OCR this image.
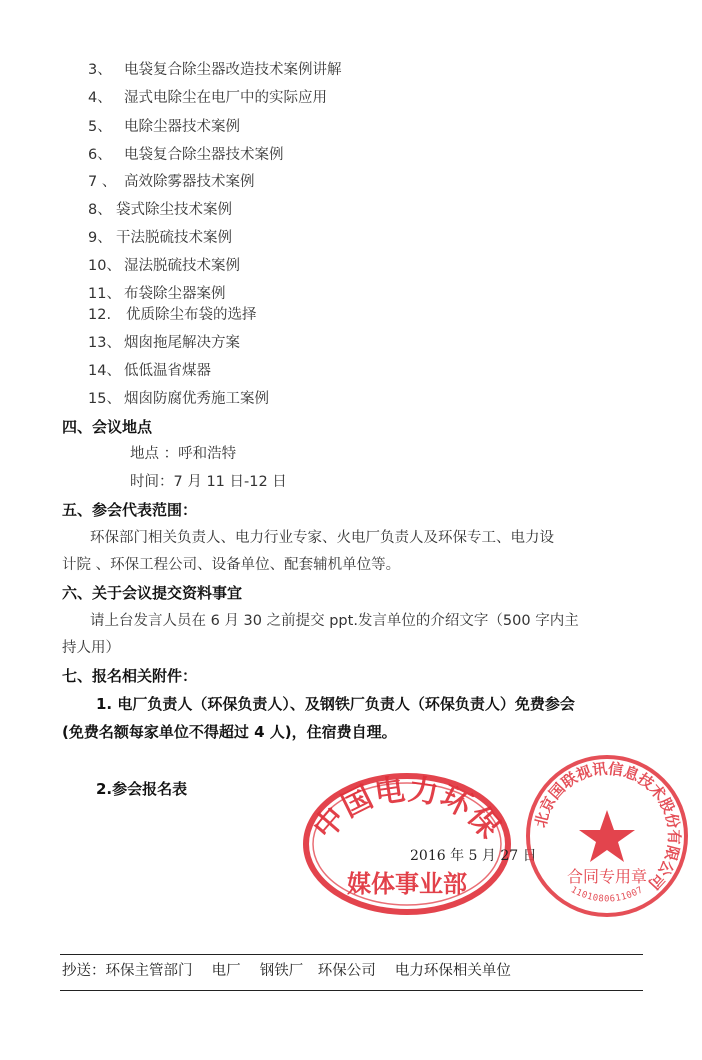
3、 电袋复合除尘器改造技术案例讲解
4、 湿式电除尘在电厂中的实际应用
5、 电除尘器技术案例
6、 电袋复合除尘器技术案例
7 、 高效除雾器技术案例
8、 袋式除尘技术案例
9、 干法脱硫技术案例
10、 湿法脱硫技术案例
11、 布袋除尘器案例
12. 优质除尘布袋的选择
13、 烟囱拖尾解决方案
14、 低低温省煤器
15、 烟囱防腐优秀施工案例
四、会议地点
地点 ：呼和浩特
时间：7 月 11 日-12 日
五、参会代表范围：
环保部门相关负责人、电力行业专家、火电厂负责人及环保专工、电力设
计院 、环保工程公司、设备单位、配套辅机单位等。
六、关于会议提交资料事宜
请上台发言人员在 6 月 30 之前提交 ppt.发言单位的介绍文字（500 字内主
持人用）
七、报名相关附件：
1. 电厂负责人（环保负责人）、及钢铁厂负责人（环保负责人）免费参会
(免费名额每家单位不得超过 4 人)，住宿费自理。
2.参会报名表
中国电力环保
媒体事业部
2016 年 5 月 27 日
北京国联视讯信息技术股份有限公司
合同专用章
1101080611007
抄送：环保主管部门　 电厂　 钢铁厂　环保公司　 电力环保相关单位
